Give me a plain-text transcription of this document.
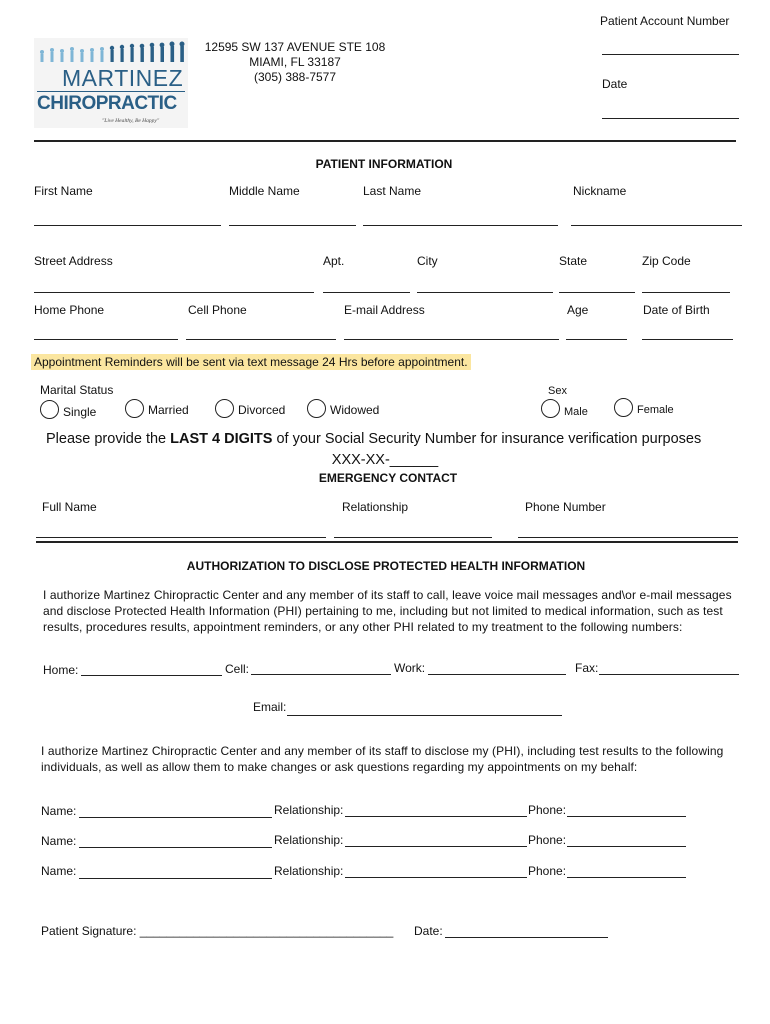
MARTINEZ
CHIROPRACTIC
"Live Healthy, Be Happy"
12595 SW 137 AVENUE STE 108
MIAMI, FL 33187
(305) 388-7577
Patient Account Number
Date
PATIENT INFORMATION
First Name	Middle Name	Last Name	Nickname
Street Address	Apt.	City	State	Zip Code
Home Phone	Cell Phone	E-mail Address	Age	Date of Birth
Appointment Reminders will be sent via text message 24 Hrs before appointment.
Marital Status
Single	Married	Divorced	Widowed
Sex
Male	Female
Please provide the LAST 4 DIGITS of your Social Security Number for insurance verification purposes
XXX-XX-______
EMERGENCY CONTACT
Full Name	Relationship	Phone Number
AUTHORIZATION TO DISCLOSE PROTECTED HEALTH INFORMATION
I authorize Martinez Chiropractic Center and any member of its staff to call, leave voice mail messages and\or e-mail messages
and disclose Protected Health Information (PHI) pertaining to me, including but not limited to medical information, such as test
results, procedures results, appointment reminders, or any other PHI related to my treatment to the following numbers:
Home:	Cell:	Work:	Fax:
Email:
I authorize Martinez Chiropractic Center and any member of its staff to disclose my (PHI), including test results to the following
individuals, as well as allow them to make changes or ask questions regarding my appointments on my behalf:
Name:	Relationship:	Phone:
Name:	Relationship:	Phone:
Name:	Relationship:	Phone:
Patient Signature: ______________________________________ Date:
